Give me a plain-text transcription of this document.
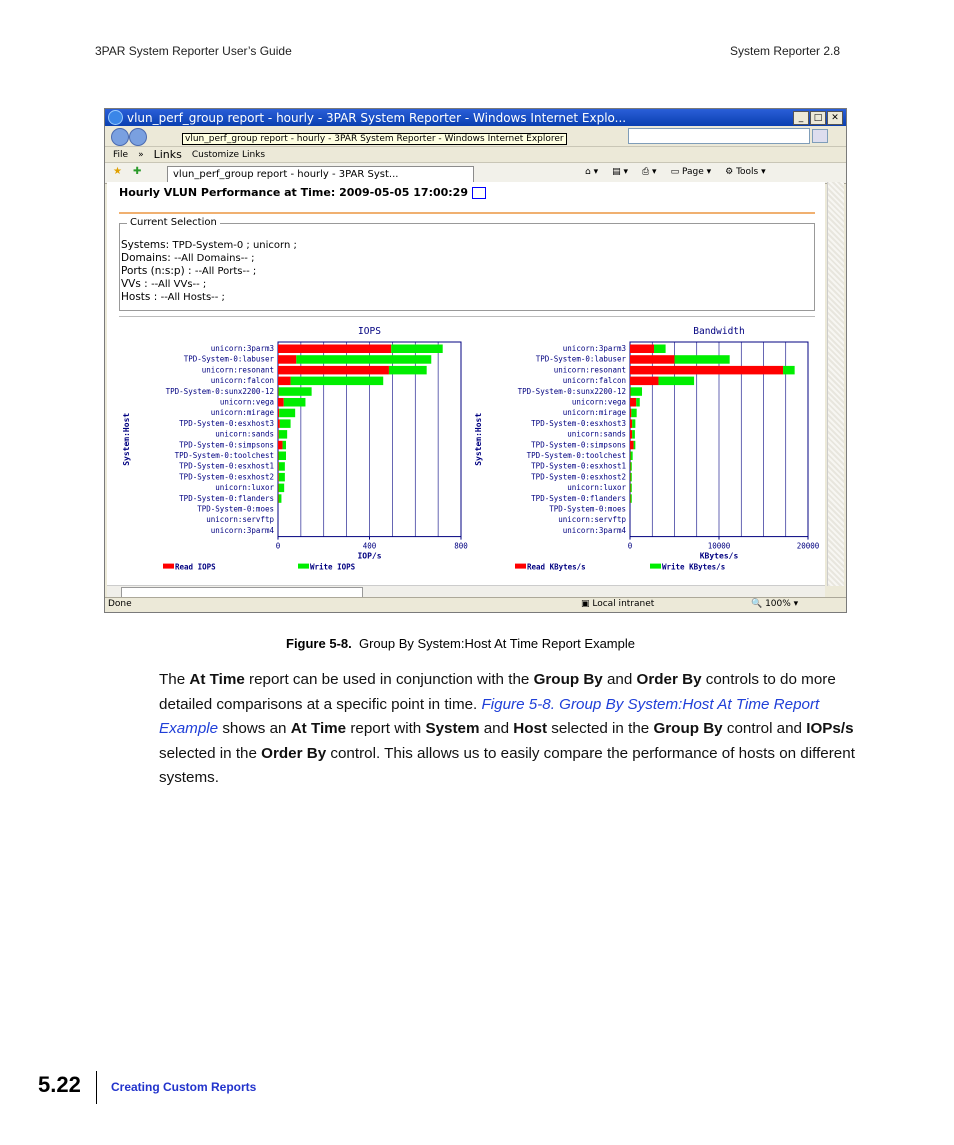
3PAR System Reporter User’s Guide	System Reporter 2.8
vlun_perf_group report - hourly - 3PAR System Reporter - Windows Internet Explo...	_	□ ✕
vlun_perf_group report - hourly - 3PAR System Reporter - Windows Internet Explorer
File » Links Customize Links
★ ✚	vlun_perf_group report - hourly - 3PAR Syst...	⌂ ▾ ▤ ▾ ⎙ ▾ ▭ Page ▾ ⚙ Tools ▾
Hourly VLUN Performance at Time: 2009-05-05 17:00:29
Current Selection
Systems: TPD-System-0 ; unicorn ;
Domains: --All Domains-- ;
Ports (n:s:p) : --All Ports-- ;
VVs : --All VVs-- ;
Hosts : --All Hosts-- ;
IOPS
unicorn:3parm3
TPD-System-0:labuser
unicorn:resonant
unicorn:falcon
TPD-System-0:sunx2200-12
unicorn:vega
unicorn:mirage
TPD-System-0:esxhost3
unicorn:sands
TPD-System-0:simpsons
TPD-System-0:toolchest
TPD-System-0:esxhost1
TPD-System-0:esxhost2
unicorn:luxor
TPD-System-0:flanders
TPD-System-0:moes
unicorn:servftp
unicorn:3parm4
0	400	800
IOP/s
System:Host
Read IOPS	Write IOPS
Bandwidth
unicorn:3parm3
TPD-System-0:labuser
unicorn:resonant
unicorn:falcon
TPD-System-0:sunx2200-12
unicorn:vega
unicorn:mirage
TPD-System-0:esxhost3
unicorn:sands
TPD-System-0:simpsons
TPD-System-0:toolchest
TPD-System-0:esxhost1
TPD-System-0:esxhost2
unicorn:luxor
TPD-System-0:flanders
TPD-System-0:moes
unicorn:servftp
unicorn:3parm4
0	10000	20000
KBytes/s
System:Host
Read KBytes/s	Write KBytes/s
Done	▣ Local intranet	🔍 100% ▾
Figure 5-8. Group By System:Host At Time Report Example
The At Time report can be used in conjunction with the Group By and Order By controls to do more detailed comparisons at a specific point in time. Figure 5-8. Group By System:Host At Time Report Example shows an At Time report with System and Host selected in the Group By control and IOPs/s selected in the Order By control. This allows us to easily compare the performance of hosts on different systems.
5.22	Creating Custom Reports
